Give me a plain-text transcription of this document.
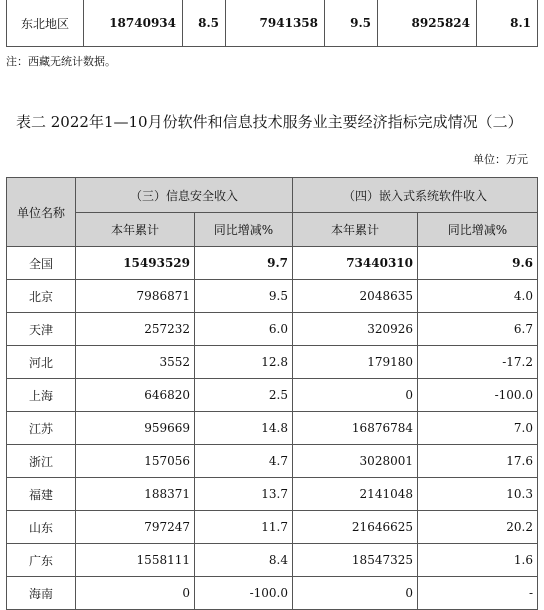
东北地区	18740934	8.5	7941358	9.5	8925824	8.1
注：西藏无统计数据。
表二 2022年1—10月份软件和信息技术服务业主要经济指标完成情况（二）
单位：万元
单位名称	（三）信息安全收入		（四）嵌入式系统软件收入	
	本年累计	同比增减%	本年累计	同比增减%
全国	15493529	9.7	73440310	9.6
北京	7986871	9.5	2048635	4.0
天津	257232	6.0	320926	6.7
河北	3552	12.8	179180	-17.2
上海	646820	2.5	0	-100.0
江苏	959669	14.8	16876784	7.0
浙江	157056	4.7	3028001	17.6
福建	188371	13.7	2141048	10.3
山东	797247	11.7	21646625	20.2
广东	1558111	8.4	18547325	1.6
海南	0	-100.0	0	-
